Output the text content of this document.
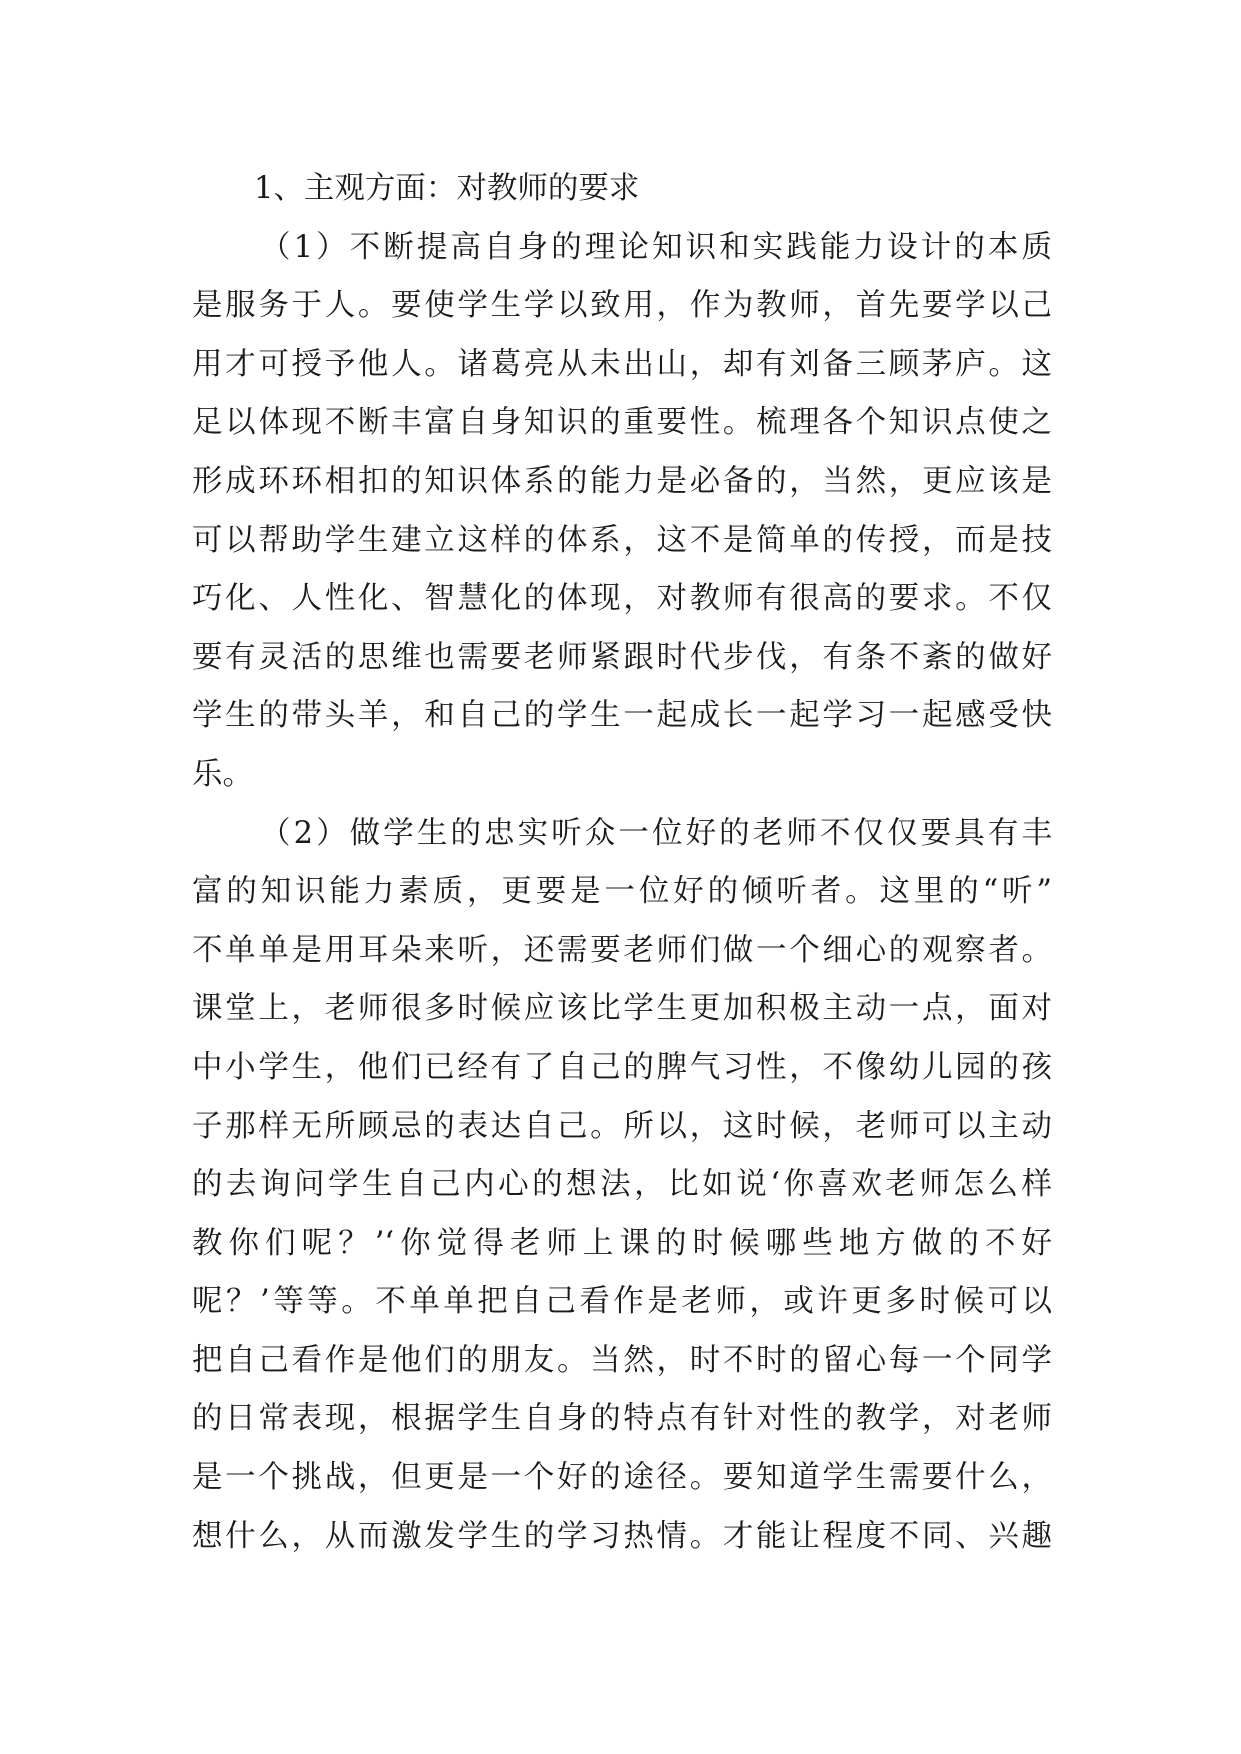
1、主观方面：对教师的要求
（1）不断提高自身的理论知识和实践能力设计的本质
是服务于人。要使学生学以致用，作为教师，首先要学以己
用才可授予他人。诸葛亮从未出山，却有刘备三顾茅庐。这
足以体现不断丰富自身知识的重要性。梳理各个知识点使之
形成环环相扣的知识体系的能力是必备的，当然，更应该是
可以帮助学生建立这样的体系，这不是简单的传授，而是技
巧化、人性化、智慧化的体现，对教师有很高的要求。不仅
要有灵活的思维也需要老师紧跟时代步伐，有条不紊的做好
学生的带头羊，和自己的学生一起成长一起学习一起感受快
乐。
（2）做学生的忠实听众一位好的老师不仅仅要具有丰
富的知识能力素质，更要是一位好的倾听者。这里的“听”
不单单是用耳朵来听，还需要老师们做一个细心的观察者。
课堂上，老师很多时候应该比学生更加积极主动一点，面对
中小学生，他们已经有了自己的脾气习性，不像幼儿园的孩
子那样无所顾忌的表达自己。所以，这时候，老师可以主动
的去询问学生自己内心的想法，比如说‘你喜欢老师怎么样
教你们呢？’‘你觉得老师上课的时候哪些地方做的不好
呢？’等等。不单单把自己看作是老师，或许更多时候可以
把自己看作是他们的朋友。当然，时不时的留心每一个同学
的日常表现，根据学生自身的特点有针对性的教学，对老师
是一个挑战，但更是一个好的途径。要知道学生需要什么，
想什么，从而激发学生的学习热情。才能让程度不同、兴趣
